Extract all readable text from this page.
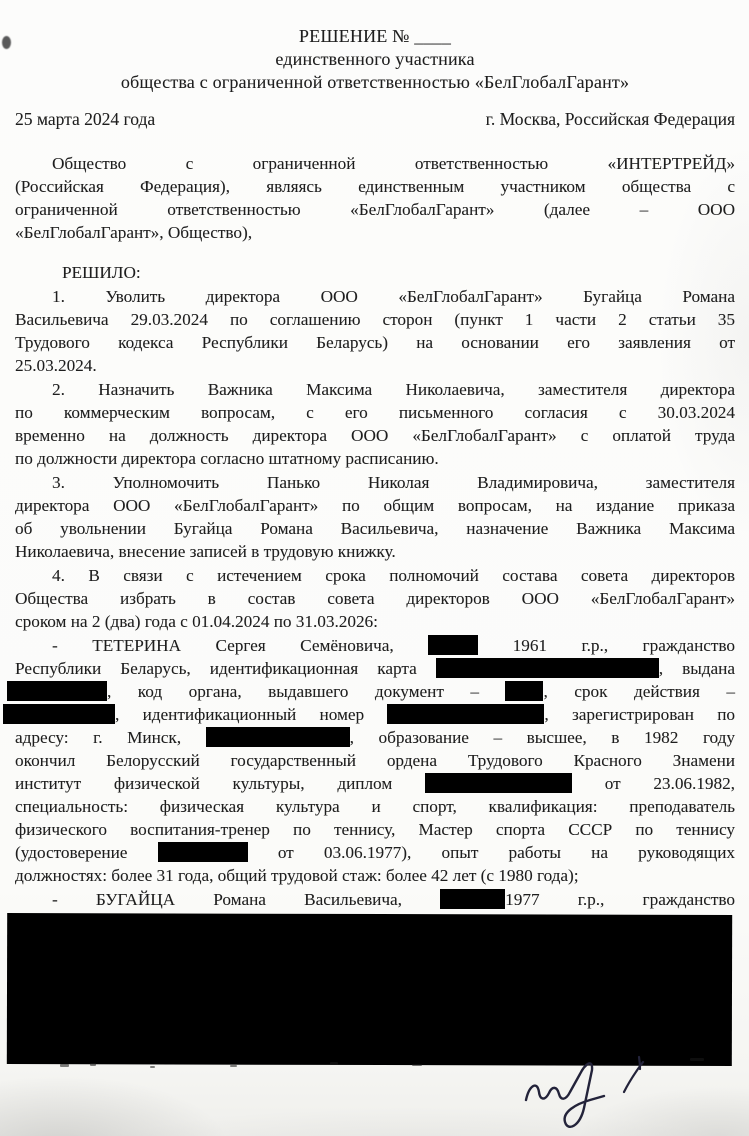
РЕШЕНИЕ № ____
единственного участника
общества с ограниченной ответственностью «БелГлобалГарант»
25 марта 2024 года	г. Москва, Российская Федерация
Общество с ограниченной ответственностью «ИНТЕРТРЕЙД»
(Российская Федерация), являясь единственным участником общества с
ограниченной ответственностью «БелГлобалГарант» (далее – ООО
«БелГлобалГарант», Общество),
РЕШИЛО:
1. Уволить директора ООО «БелГлобалГарант» Бугайца Романа
Васильевича 29.03.2024 по соглашению сторон (пункт 1 части 2 статьи 35
Трудового кодекса Республики Беларусь) на основании его заявления от
25.03.2024.
2. Назначить Важника Максима Николаевича, заместителя директора
по коммерческим вопросам, с его письменного согласия с 30.03.2024
временно на должность директора ООО «БелГлобалГарант» с оплатой труда
по должности директора согласно штатному расписанию.
3. Уполномочить Панько Николая Владимировича, заместителя
директора ООО «БелГлобалГарант» по общим вопросам, на издание приказа
об увольнении Бугайца Романа Васильевича, назначение Важника Максима
Николаевича, внесение записей в трудовую книжку.
4. В связи с истечением срока полномочий состава совета директоров
Общества избрать в состав совета директоров ООО «БелГлобалГарант»
сроком на 2 (два) года с 01.04.2024 по 31.03.2026:
- ТЕТЕРИНА Сергея Семёновича,	1961 г.р., гражданство
Республики Беларусь, идентификационная карта	, выдана
, код органа, выдавшего документ – , срок действия –
, идентификационный номер	, зарегистрирован по
адресу: г. Минск,	, образование – высшее, в 1982 году
окончил Белорусский государственный ордена Трудового Красного Знамени
институт физической культуры, диплом	от 23.06.1982,
специальность: физическая культура и спорт, квалификация: преподаватель
физического воспитания-тренер по теннису, Мастер спорта СССР по теннису
(удостоверение	от 03.06.1977), опыт работы на руководящих
должностях: более 31 года, общий трудовой стаж: более 42 лет (с 1980 года);
- БУГАЙЦА Романа Васильевича,	1977 г.р., гражданство
